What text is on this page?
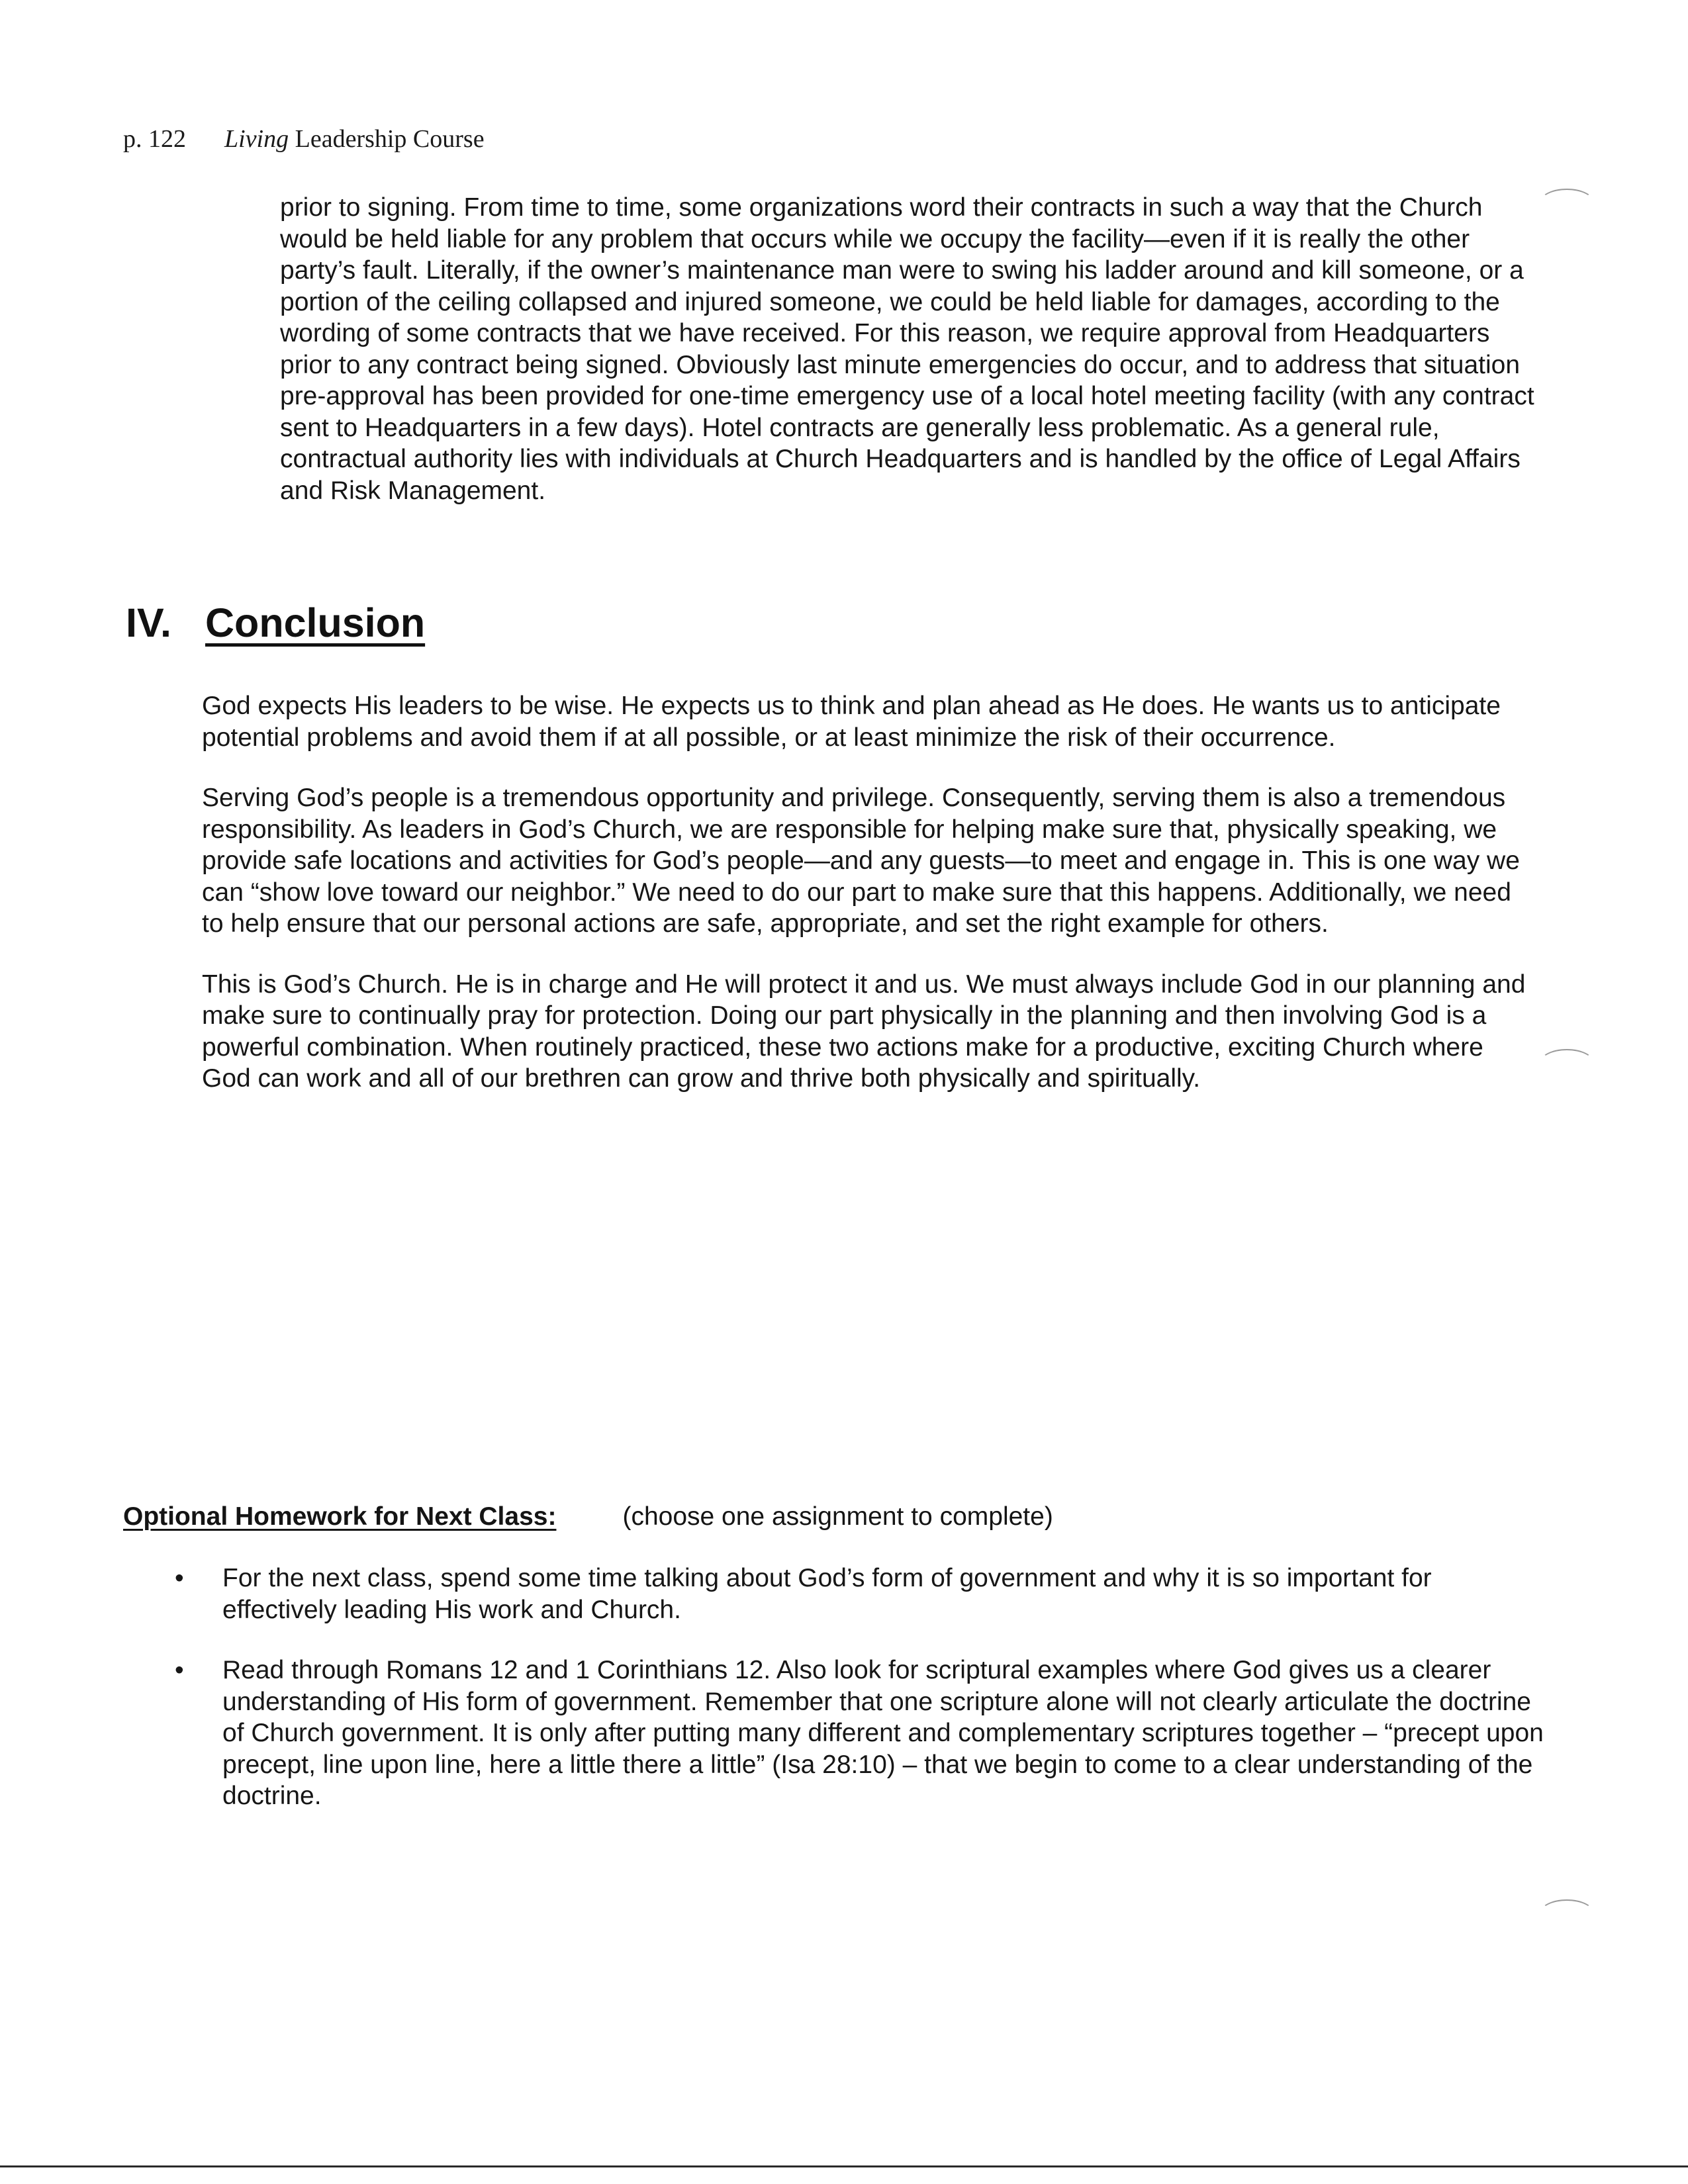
p. 122 Living Leadership Course

prior to signing. From time to time, some organizations word their contracts in such a way that the Church would be held liable for any problem that occurs while we occupy the facility—even if it is really the other party’s fault. Literally, if the owner’s maintenance man were to swing his ladder around and kill someone, or a portion of the ceiling collapsed and injured someone, we could be held liable for damages, according to the wording of some contracts that we have received. For this reason, we require approval from Headquarters prior to any contract being signed. Obviously last minute emergencies do occur, and to address that situation pre-approval has been provided for one-time emergency use of a local hotel meeting facility (with any contract sent to Headquarters in a few days). Hotel contracts are generally less problematic. As a general rule, contractual authority lies with individuals at Church Headquarters and is handled by the office of Legal Affairs and Risk Management.

IV. Conclusion

God expects His leaders to be wise. He expects us to think and plan ahead as He does. He wants us to anticipate potential problems and avoid them if at all possible, or at least minimize the risk of their occurrence.

Serving God’s people is a tremendous opportunity and privilege. Consequently, serving them is also a tremendous responsibility. As leaders in God’s Church, we are responsible for helping make sure that, physically speaking, we provide safe locations and activities for God’s people—and any guests—to meet and engage in. This is one way we can “show love toward our neighbor.” We need to do our part to make sure that this happens. Additionally, we need to help ensure that our personal actions are safe, appropriate, and set the right example for others.

This is God’s Church. He is in charge and He will protect it and us. We must always include God in our planning and make sure to continually pray for protection. Doing our part physically in the planning and then involving God is a powerful combination. When routinely practiced, these two actions make for a productive, exciting Church where God can work and all of our brethren can grow and thrive both physically and spiritually.

Optional Homework for Next Class:	(choose one assignment to complete)
• For the next class, spend some time talking about God’s form of government and why it is so important for effectively leading His work and Church.
• Read through Romans 12 and 1 Corinthians 12. Also look for scriptural examples where God gives us a clearer understanding of His form of government. Remember that one scripture alone will not clearly articulate the doctrine of Church government. It is only after putting many different and complementary scriptures together – “precept upon precept, line upon line, here a little there a little” (Isa 28:10) – that we begin to come to a clear understanding of the doctrine.
